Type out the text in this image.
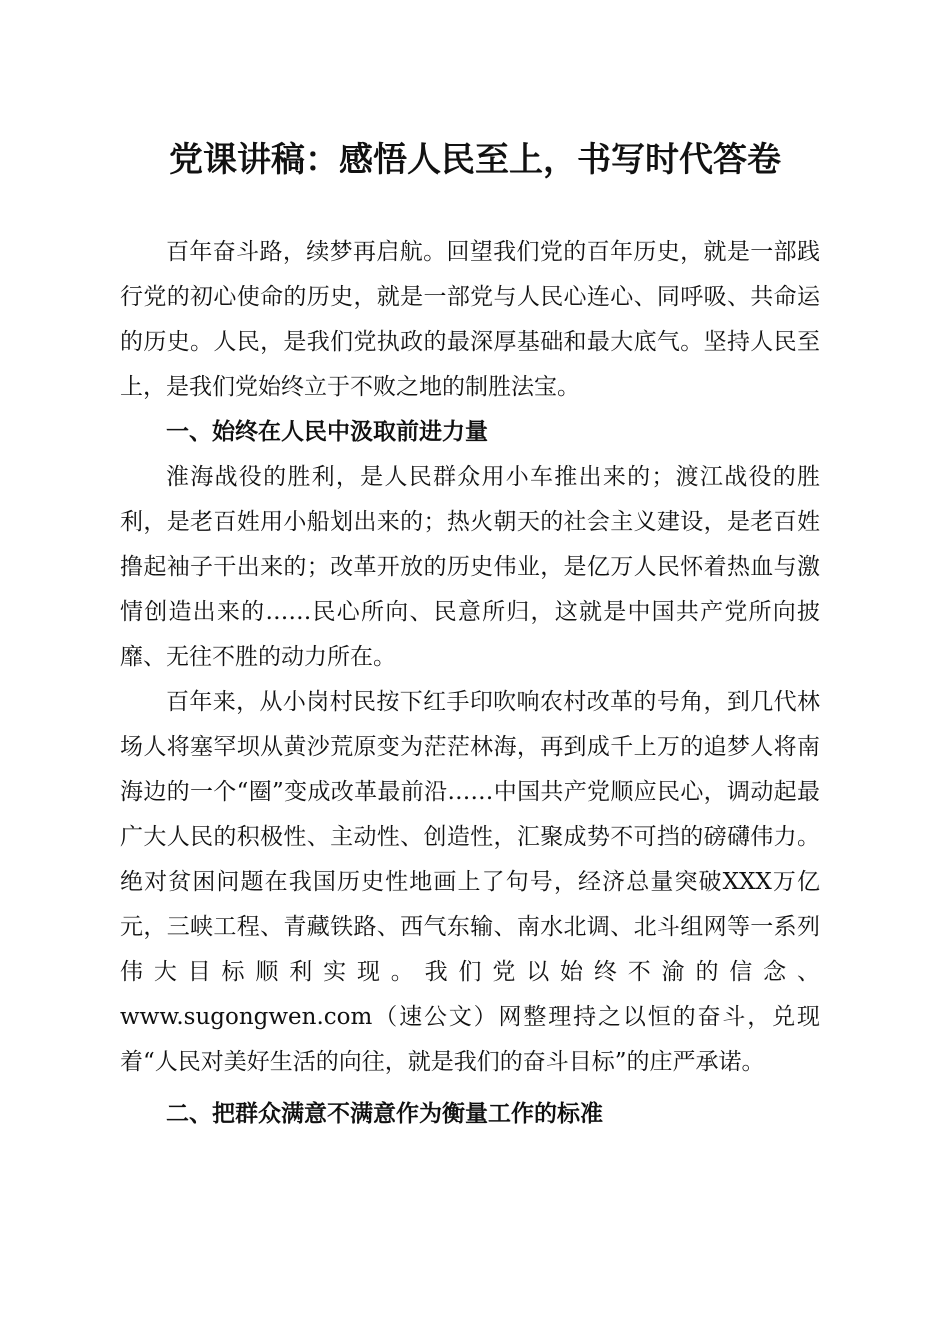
党课讲稿：感悟人民至上，书写时代答卷

百年奋斗路，续梦再启航。回望我们党的百年历史，就是一部践行党的初心使命的历史，就是一部党与人民心连心、同呼吸、共命运的历史。人民，是我们党执政的最深厚基础和最大底气。坚持人民至上，是我们党始终立于不败之地的制胜法宝。

一、始终在人民中汲取前进力量

淮海战役的胜利，是人民群众用小车推出来的；渡江战役的胜利，是老百姓用小船划出来的；热火朝天的社会主义建设，是老百姓撸起袖子干出来的；改革开放的历史伟业，是亿万人民怀着热血与激情创造出来的……民心所向、民意所归，这就是中国共产党所向披靡、无往不胜的动力所在。

百年来，从小岗村民按下红手印吹响农村改革的号角，到几代林场人将塞罕坝从黄沙荒原变为茫茫林海，再到成千上万的追梦人将南海边的一个“圈”变成改革最前沿……中国共产党顺应民心，调动起最广大人民的积极性、主动性、创造性，汇聚成势不可挡的磅礴伟力。绝对贫困问题在我国历史性地画上了句号，经济总量突破XXX万亿元，三峡工程、青藏铁路、西气东输、南水北调、北斗组网等一系列伟大目标顺利实现。我们党以始终不渝的信念、www.sugongwen.com（速公文）网整理持之以恒的奋斗，兑现着“人民对美好生活的向往，就是我们的奋斗目标”的庄严承诺。

二、把群众满意不满意作为衡量工作的标准
